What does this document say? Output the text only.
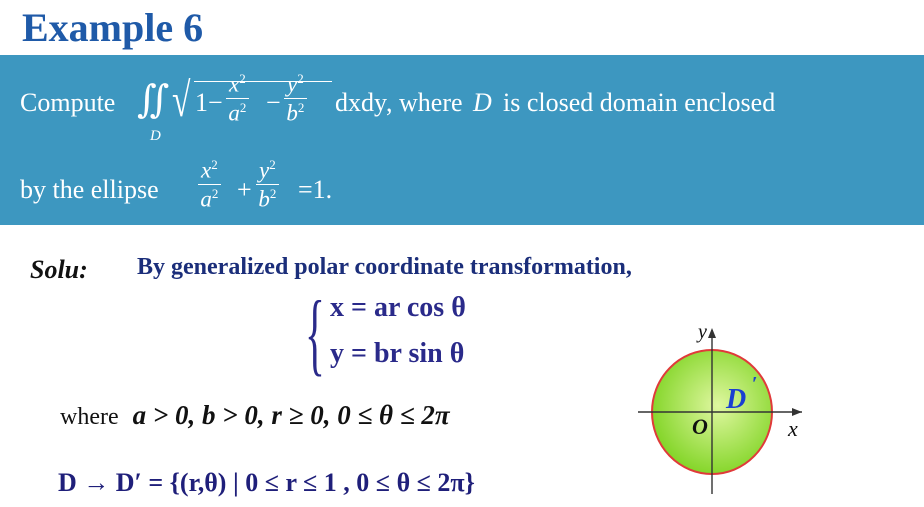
Example 6
Compute ∬
D
√ $1- \frac{x^2}{a^2} - \frac{y^2}{b^2}$ dxdy , where D is closed domain enclosed
by the ellipse $\frac{x^2}{a^2} + \frac{y^2}{b^2} =1$.
Solu: By generalized polar coordinate transformation,
{ x = ar cos θ
y = br sin θ
where a > 0, b > 0, r ≥ 0, 0 ≤ θ ≤ 2π
D → D′ = {(r,θ) | 0 ≤ r ≤ 1 , 0 ≤ θ ≤ 2π}
y
x
O
D ′
